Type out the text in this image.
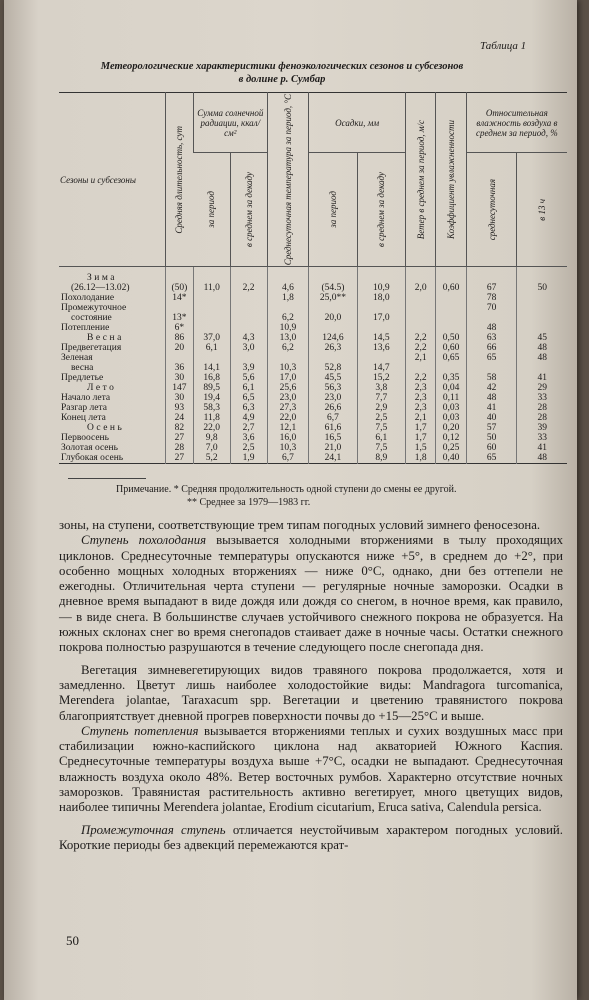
Таблица 1
Метеорологические характеристики феноэкологических сезонов и субсезонов
в долине р. Сумбар
Сезоны и субсезоны	Средняя длительность, сут	Сумма солнечной радиации, ккал/см²		Среднесуточная температура за период, °С	Осадки, мм		Ветер в среднем за период, м/с	Коэффициент увлажненности	Относительная влажность воздуха в среднем за период, %	

		за период	в среднем за декаду		за период	в среднем за декаду			среднесуточная	в 13 ч

Зима										
(26.12—13.02)	(50)	11,0	2,2	4,6	(54.5)	10,9	2,0	0,60	67	50
Похолодание	14*			1,8	25,0**	18,0			78	
Промежуточное									70	
состояние	13*			6,2	20,0	17,0				
Потепление	6*			10,9					48	
Весна	86	37,0	4,3	13,0	124,6	14,5	2,2	0,50	63	45
Предвегетация	20	6,1	3,0	6,2	26,3	13,6	2,2	0,60	66	48
Зеленая							2,1	0,65	65	48
весна	36	14,1	3,9	10,3	52,8	14,7				
Предлетье	30	16,8	5,6	17,0	45,5	15,2	2,2	0,35	58	41
Лето	147	89,5	6,1	25,6	56,3	3,8	2,3	0,04	42	29
Начало лета	30	19,4	6,5	23,0	23,0	7,7	2,3	0,11	48	33
Разгар лета	93	58,3	6,3	27,3	26,6	2,9	2,3	0,03	41	28
Конец лета	24	11,8	4,9	22,0	6,7	2,5	2,1	0,03	40	28
Осень	82	22,0	2,7	12,1	61,6	7,5	1,7	0,20	57	39
Первоосень	27	9,8	3,6	16,0	16,5	6,1	1,7	0,12	50	33
Золотая осень	28	7,0	2,5	10,3	21,0	7,5	1,5	0,25	60	41
Глубокая осень	27	5,2	1,9	6,7	24,1	8,9	1,8	0,40	65	48
Примечание. * Средняя продолжительность одной ступени до смены ее другой.
** Среднее за 1979—1983 гг.

зоны, на ступени, соответствующие трем типам погодных условий зимнего феносезона.

Ступень похолодания вызывается холодными вторжениями в тылу проходящих циклонов. Среднесуточные температуры опускаются ниже +5°, в среднем до +2°, при особенно мощных холодных вторжениях — ниже 0°С, однако, дни без оттепели не ежегодны. Отличительная черта ступени — регулярные ночные заморозки. Осадки в дневное время выпадают в виде дождя или дождя со снегом, в ночное время, как правило,— в виде снега. В большинстве случаев устойчивого снежного покрова не образуется. На южных склонах снег во время снегопадов стаивает даже в ночные часы. Остатки снежного покрова полностью разрушаются в течение следующего после снегопада дня.

Вегетация зимневегетирующих видов травяного покрова продолжается, хотя и замедленно. Цветут лишь наиболее холодостойкие виды: Mandragora turcomanica, Merendera jolantae, Taraxacum spp. Вегетации и цветению травянистого покрова благоприятствует дневной прогрев поверхности почвы до +15—25°С и выше.

Ступень потепления вызывается вторжениями теплых и сухих воздушных масс при стабилизации южно-каспийского циклона над акваторией Южного Каспия. Среднесуточные температуры воздуха выше +7°С, осадки не выпадают. Среднесуточная влажность воздуха около 48%. Ветер восточных румбов. Характерно отсутствие ночных заморозков. Травянистая растительность активно вегетирует, много цветущих видов, наиболее типичны Merendera jolantae, Erodium cicutarium, Eruca sativa, Calendula persica.

Промежуточная ступень отличается неустойчивым характером погодных условий. Короткие периоды без адвекций перемежаются крат-

50
